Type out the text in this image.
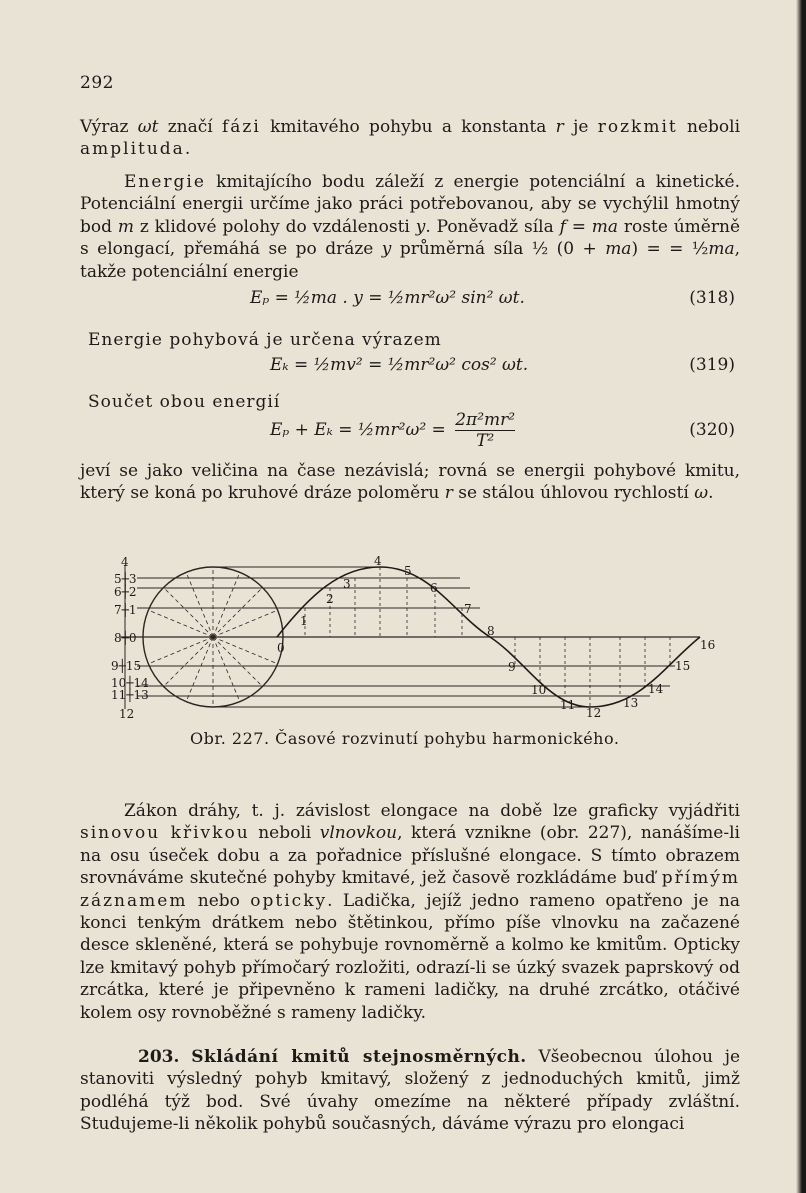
292
Výraz ωt značí fázi kmitavého pohybu a konstanta r je rozkmit neboli amplituda.
Energie kmitajícího bodu záleží z energie potenciální a kinetické. Potenciální energii určíme jako práci potřebovanou, aby se vychýlil hmotný bod m z klidové polohy do vzdálenosti y. Poněvadž síla f = ma roste úměrně s elongací, přemáhá se po dráze y průměrná síla ½ (0 + ma) = = ½ma, takže potenciální energie
Eₚ = ½ma . y = ½mr²ω² sin² ωt.	(318)
Energie pohybová je určena výrazem
Eₖ = ½mv² = ½mr²ω² cos² ωt.	(319)
Součet obou energií
Eₚ + Eₖ = ½mr²ω² = $\frac{\text{2π²mr²}}{\text{T²}}$	(320)
jeví se jako veličina na čase nezávislá; rovná se energii pohybové kmitu, který se koná po kruhové dráze poloměru r se stálou úhlovou rychlostí ω.
4
5┼3
6┼2
7┼1
8┼0
9┼15
10┼14
11┼13
12
0
1
2
3
4
5
6
7
8
9
10
11
12
13
14
15
16
Obr. 227. Časové rozvinutí pohybu harmonického.
Zákon dráhy, t. j. závislost elongace na době lze graficky vyjádřiti sinovou křivkou neboli vlnovkou, která vznikne (obr. 227), nanášíme-li na osu úseček dobu a za pořadnice příslušné elongace. S tímto obrazem srovnáváme skutečné pohyby kmitavé, jež časově rozkládáme buď přímým záznamem nebo opticky. Ladička, jejíž jedno rameno opatřeno je na konci tenkým drátkem nebo štětinkou, přímo píše vlnovku na začazené desce skleněné, která se pohybuje rovnoměrně a kolmo ke kmitům. Opticky lze kmitavý pohyb přímočarý rozložiti, odrazí-li se úzký svazek paprskový od zrcátka, které je připevněno k rameni ladičky, na druhé zrcátko, otáčivé kolem osy rovnoběžné s rameny ladičky.
203. Skládání kmitů stejnosměrných. Všeobecnou úlohou je stanoviti výsledný pohyb kmitavý, složený z jednoduchých kmitů, jimž podléhá týž bod. Své úvahy omezíme na některé případy zvláštní. Studujeme-li několik pohybů současných, dáváme výrazu pro elongaci
